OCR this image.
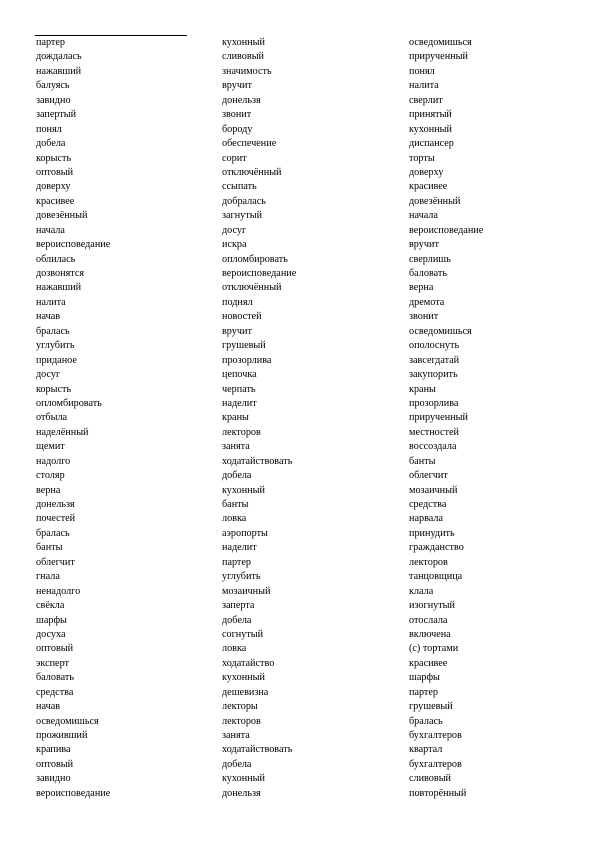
партер
дождалась
нажавший
балуясь
завидно
запертый
понял
добела
корысть
оптовый
доверху
красивее
довезённый
начала
вероисповедание
облилась
дозвонятся
нажавший
налита
начав
бралась
углубить
приданое
досуг
корысть
опломбировать
отбыла
наделённый
щемит
надолго
столяр
верна
донельзя
почестей
бралась
банты
облегчит
гнала
ненадолго
свёкла
шарфы
досуха
оптовый
эксперт
баловать
средства
начав
осведомишься
проживший
крапива
оптовый
завидно
вероисповедание
кухонный
сливовый
значимость
вручит
донельзя
звонит
бороду
обеспечение
сорит
отключённый
ссыпать
добралась
загнутый
досуг
искра
опломбировать
вероисповедание
отключённый
поднял
новостей
вручит
грушевый
прозорлива
цепочка
черпать
наделит
краны
лекторов
занята
ходатайствовать
добела
кухонный
банты
ловка
аэропорты
наделит
партер
углубить
мозаичный
заперта
добела
согнутый
ловка
ходатайство
кухонный
дешевизна
лекторы
лекторов
занята
ходатайствовать
добела
кухонный
донельзя
осведомишься
прирученный
понял
налита
сверлит
принятый
кухонный
диспансер
торты
доверху
красивее
довезённый
начала
вероисповедание
вручит
сверлишь
баловать
верна
дремота
звонит
осведомишься
ополоснуть
завсегдатай
закупорить
краны
прозорлива
прирученный
местностей
воссоздала
банты
облегчит
мозаичный
средства
нарвала
принудить
гражданство
лекторов
танцовщица
клала
изогнутый
отослала
включена
(с) тортами
красивее
шарфы
партер
грушевый
бралась
бухгалтеров
квартал
бухгалтеров
сливовый
повторённый
